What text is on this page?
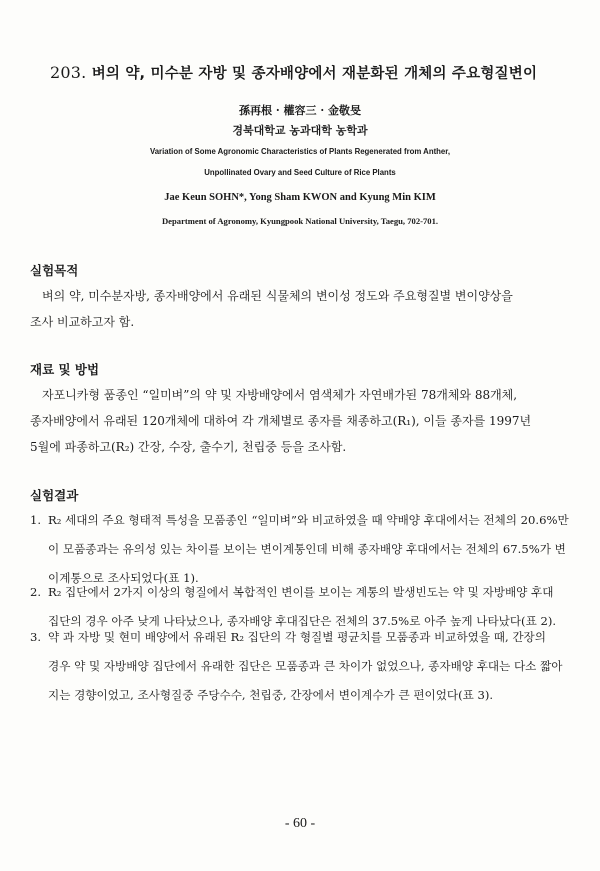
203. 벼의 약, 미수분 자방 및 종자배양에서 재분화된 개체의 주요형질변이
孫再根 · 權容三 · 金敬旻
경북대학교 농과대학 농학과
Variation of Some Agronomic Characteristics of Plants Regenerated from Anther,
Unpollinated Ovary and Seed Culture of Rice Plants
Jae Keun SOHN*, Yong Sham KWON and Kyung Min KIM
Department of Agronomy, Kyungpook National University, Taegu, 702-701.
실험목적
벼의 약, 미수분자방, 종자배양에서 유래된 식물체의 변이성 정도와 주요형질별 변이양상을
조사 비교하고자 함.
재료 및 방법
자포니카형 품종인 “일미벼”의 약 및 자방배양에서 염색체가 자연배가된 78개체와 88개체,
종자배양에서 유래된 120개체에 대하여 각 개체별로 종자를 채종하고(R₁), 이들 종자를 1997년
5월에 파종하고(R₂) 간장, 수장, 출수기, 천립중 등을 조사함.
실험결과
1. R₂ 세대의 주요 형태적 특성을 모품종인 “일미벼”와 비교하였을 때 약배양 후대에서는 전체의 20.6%만
이 모품종과는 유의성 있는 차이를 보이는 변이계통인데 비해 종자배양 후대에서는 전체의 67.5%가 변
이계통으로 조사되었다(표 1).
2. R₂ 집단에서 2가지 이상의 형질에서 복합적인 변이를 보이는 계통의 발생빈도는 약 및 자방배양 후대
집단의 경우 아주 낮게 나타났으나, 종자배양 후대집단은 전체의 37.5%로 아주 높게 나타났다(표 2).
3. 약 과 자방 및 현미 배양에서 유래된 R₂ 집단의 각 형질별 평균치를 모품종과 비교하였을 때, 간장의
경우 약 및 자방배양 집단에서 유래한 집단은 모품종과 큰 차이가 없었으나, 종자배양 후대는 다소 짧아
지는 경향이었고, 조사형질중 주당수수, 천립중, 간장에서 변이계수가 큰 편이었다(표 3).
- 60 -
